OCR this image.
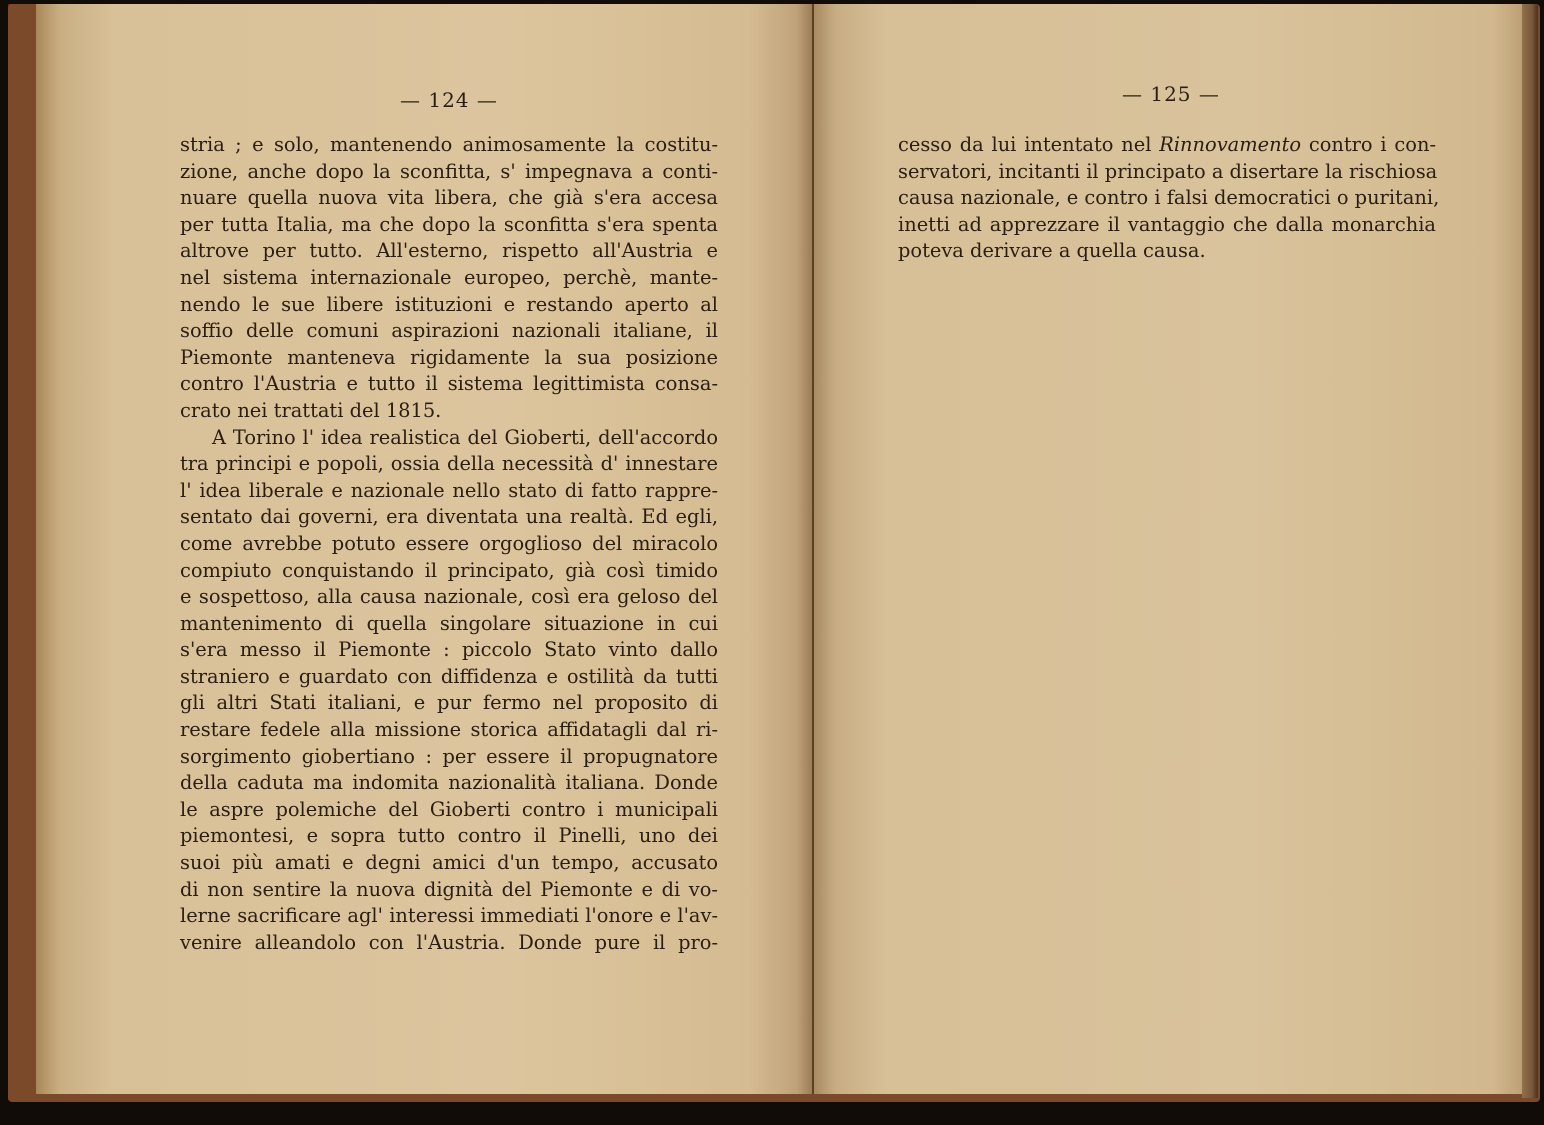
— 124 —
stria ; e solo, mantenendo animosamente la costitu-
zione, anche dopo la sconfitta, s' impegnava a conti-
nuare quella nuova vita libera, che già s'era accesa
per tutta Italia, ma che dopo la sconfitta s'era spenta
altrove per tutto. All'esterno, rispetto all'Austria e
nel sistema internazionale europeo, perchè, mante-
nendo le sue libere istituzioni e restando aperto al
soffio delle comuni aspirazioni nazionali italiane, il
Piemonte manteneva rigidamente la sua posizione
contro l'Austria e tutto il sistema legittimista consa-
crato nei trattati del 1815.
A Torino l' idea realistica del Gioberti, dell'accordo
tra principi e popoli, ossia della necessità d' innestare
l' idea liberale e nazionale nello stato di fatto rappre-
sentato dai governi, era diventata una realtà. Ed egli,
come avrebbe potuto essere orgoglioso del miracolo
compiuto conquistando il principato, già così timido
e sospettoso, alla causa nazionale, così era geloso del
mantenimento di quella singolare situazione in cui
s'era messo il Piemonte : piccolo Stato vinto dallo
straniero e guardato con diffidenza e ostilità da tutti
gli altri Stati italiani, e pur fermo nel proposito di
restare fedele alla missione storica affidatagli dal ri-
sorgimento giobertiano : per essere il propugnatore
della caduta ma indomita nazionalità italiana. Donde
le aspre polemiche del Gioberti contro i municipali
piemontesi, e sopra tutto contro il Pinelli, uno dei
suoi più amati e degni amici d'un tempo, accusato
di non sentire la nuova dignità del Piemonte e di vo-
lerne sacrificare agl' interessi immediati l'onore e l'av-
venire alleandolo con l'Austria. Donde pure il pro-
— 125 —
cesso da lui intentato nel Rinnovamento contro i con-
servatori, incitanti il principato a disertare la rischiosa
causa nazionale, e contro i falsi democratici o puritani,
inetti ad apprezzare il vantaggio che dalla monarchia
poteva derivare a quella causa.
